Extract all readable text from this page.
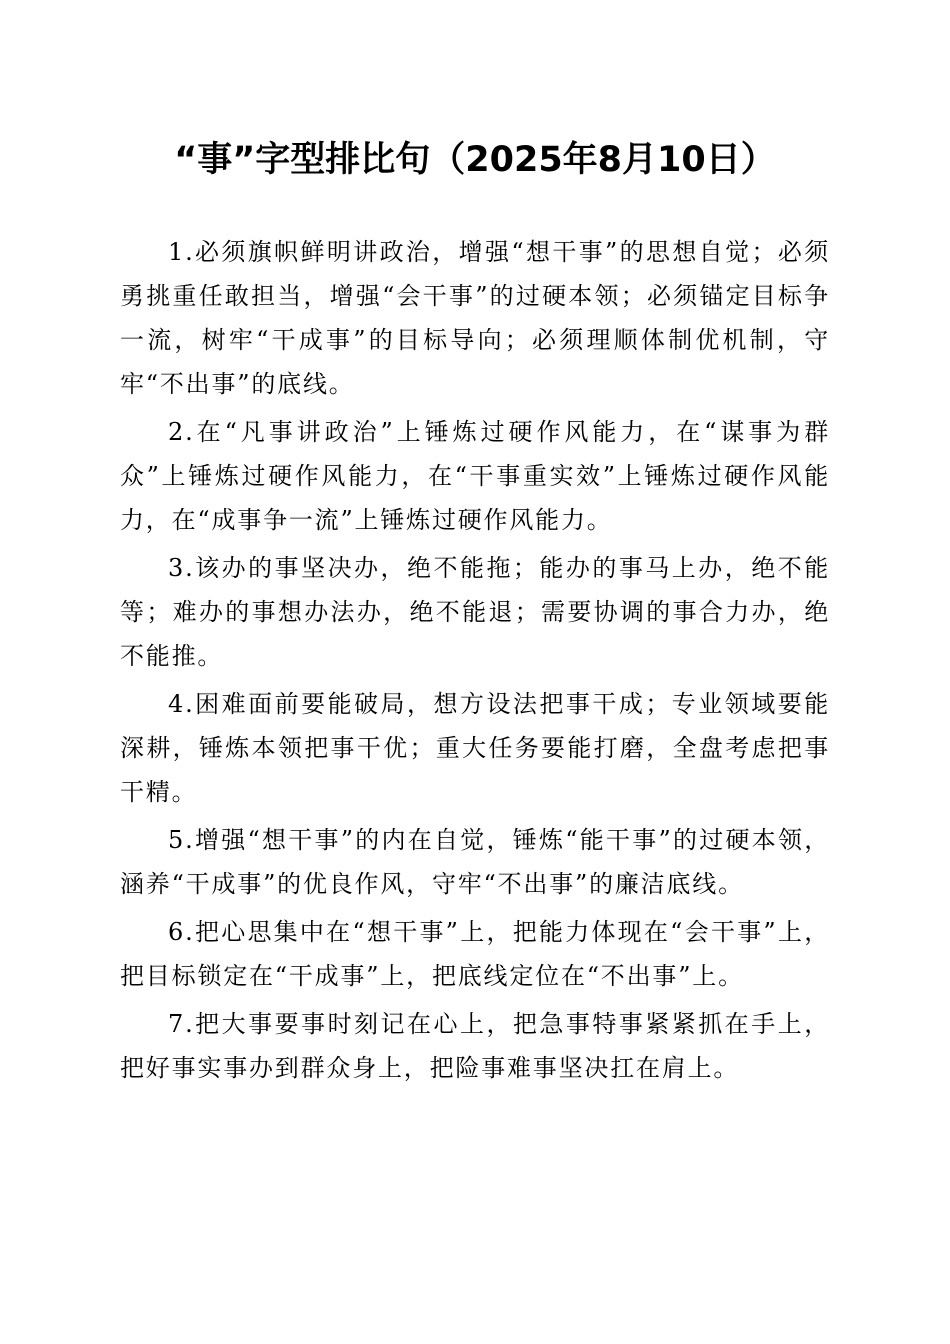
“事”字型排比句（2025年8月10日）

1.必须旗帜鲜明讲政治，增强“想干事”的思想自觉；必须勇挑重任敢担当，增强“会干事”的过硬本领；必须锚定目标争一流，树牢“干成事”的目标导向；必须理顺体制优机制，守牢“不出事”的底线。

2.在“凡事讲政治”上锤炼过硬作风能力，在“谋事为群众”上锤炼过硬作风能力，在“干事重实效”上锤炼过硬作风能力，在“成事争一流”上锤炼过硬作风能力。

3.该办的事坚决办，绝不能拖；能办的事马上办，绝不能等；难办的事想办法办，绝不能退；需要协调的事合力办，绝不能推。

4.困难面前要能破局，想方设法把事干成；专业领域要能深耕，锤炼本领把事干优；重大任务要能打磨，全盘考虑把事干精。

5.增强“想干事”的内在自觉，锤炼“能干事”的过硬本领，涵养“干成事”的优良作风，守牢“不出事”的廉洁底线。

6.把心思集中在“想干事”上，把能力体现在“会干事”上，把目标锁定在“干成事”上，把底线定位在“不出事”上。

7.把大事要事时刻记在心上，把急事特事紧紧抓在手上，把好事实事办到群众身上，把险事难事坚决扛在肩上。
